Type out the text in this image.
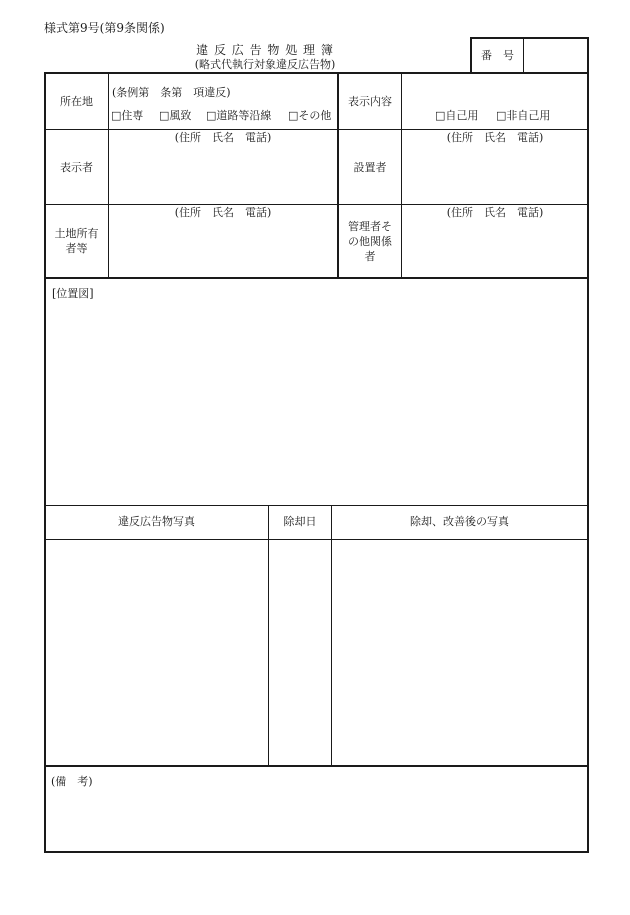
様式第9号(第9条関係)
違 反 広 告 物 処 理 簿
(略式代執行対象違反広告物)
番　号
所在地
(条例第　条第　項違反)
□住専 □風致 □道路等沿線 □その他
表示内容
□自己用 □非自己用
表示者
(住所　氏名　電話)
設置者
(住所　氏名　電話)
土地所有
者等
(住所　氏名　電話)
管理者そ
の他関係
者
(住所　氏名　電話)
[位置図]
違反広告物写真	除却日	除却、改善後の写真
(備　考)
